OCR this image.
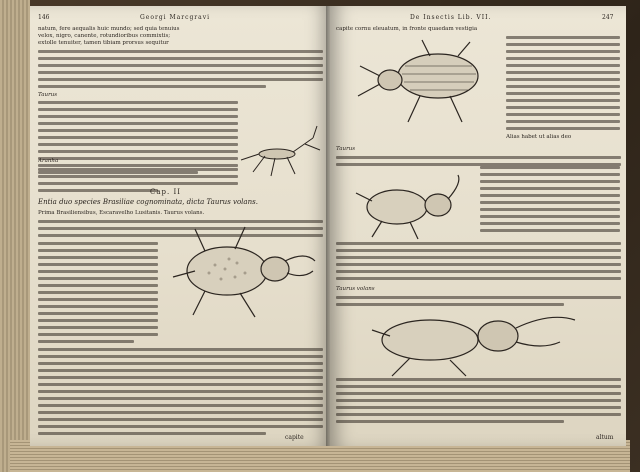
146	Georgi Marcgravi
natum, fere aequalis huic mundo; sed quia tenuius
velox, nigro, canente, rotundioribus commixtis;
extolle tenuiter, tamen tibiam prorsus sequitur
Taurus
Aranha
Entia duo species Brasiliae cognominata, dicta Taurus volans.
Cap. II
Prima Brasiliensibus, Escaravelho Lusitanis. Taurus volans.
capite
De Insectis Lib. VII.	247
capite cornu eleuatum, in fronte quaedam vestigia
Alias habet ut alias deo
Taurus
Taurus volans
altum
